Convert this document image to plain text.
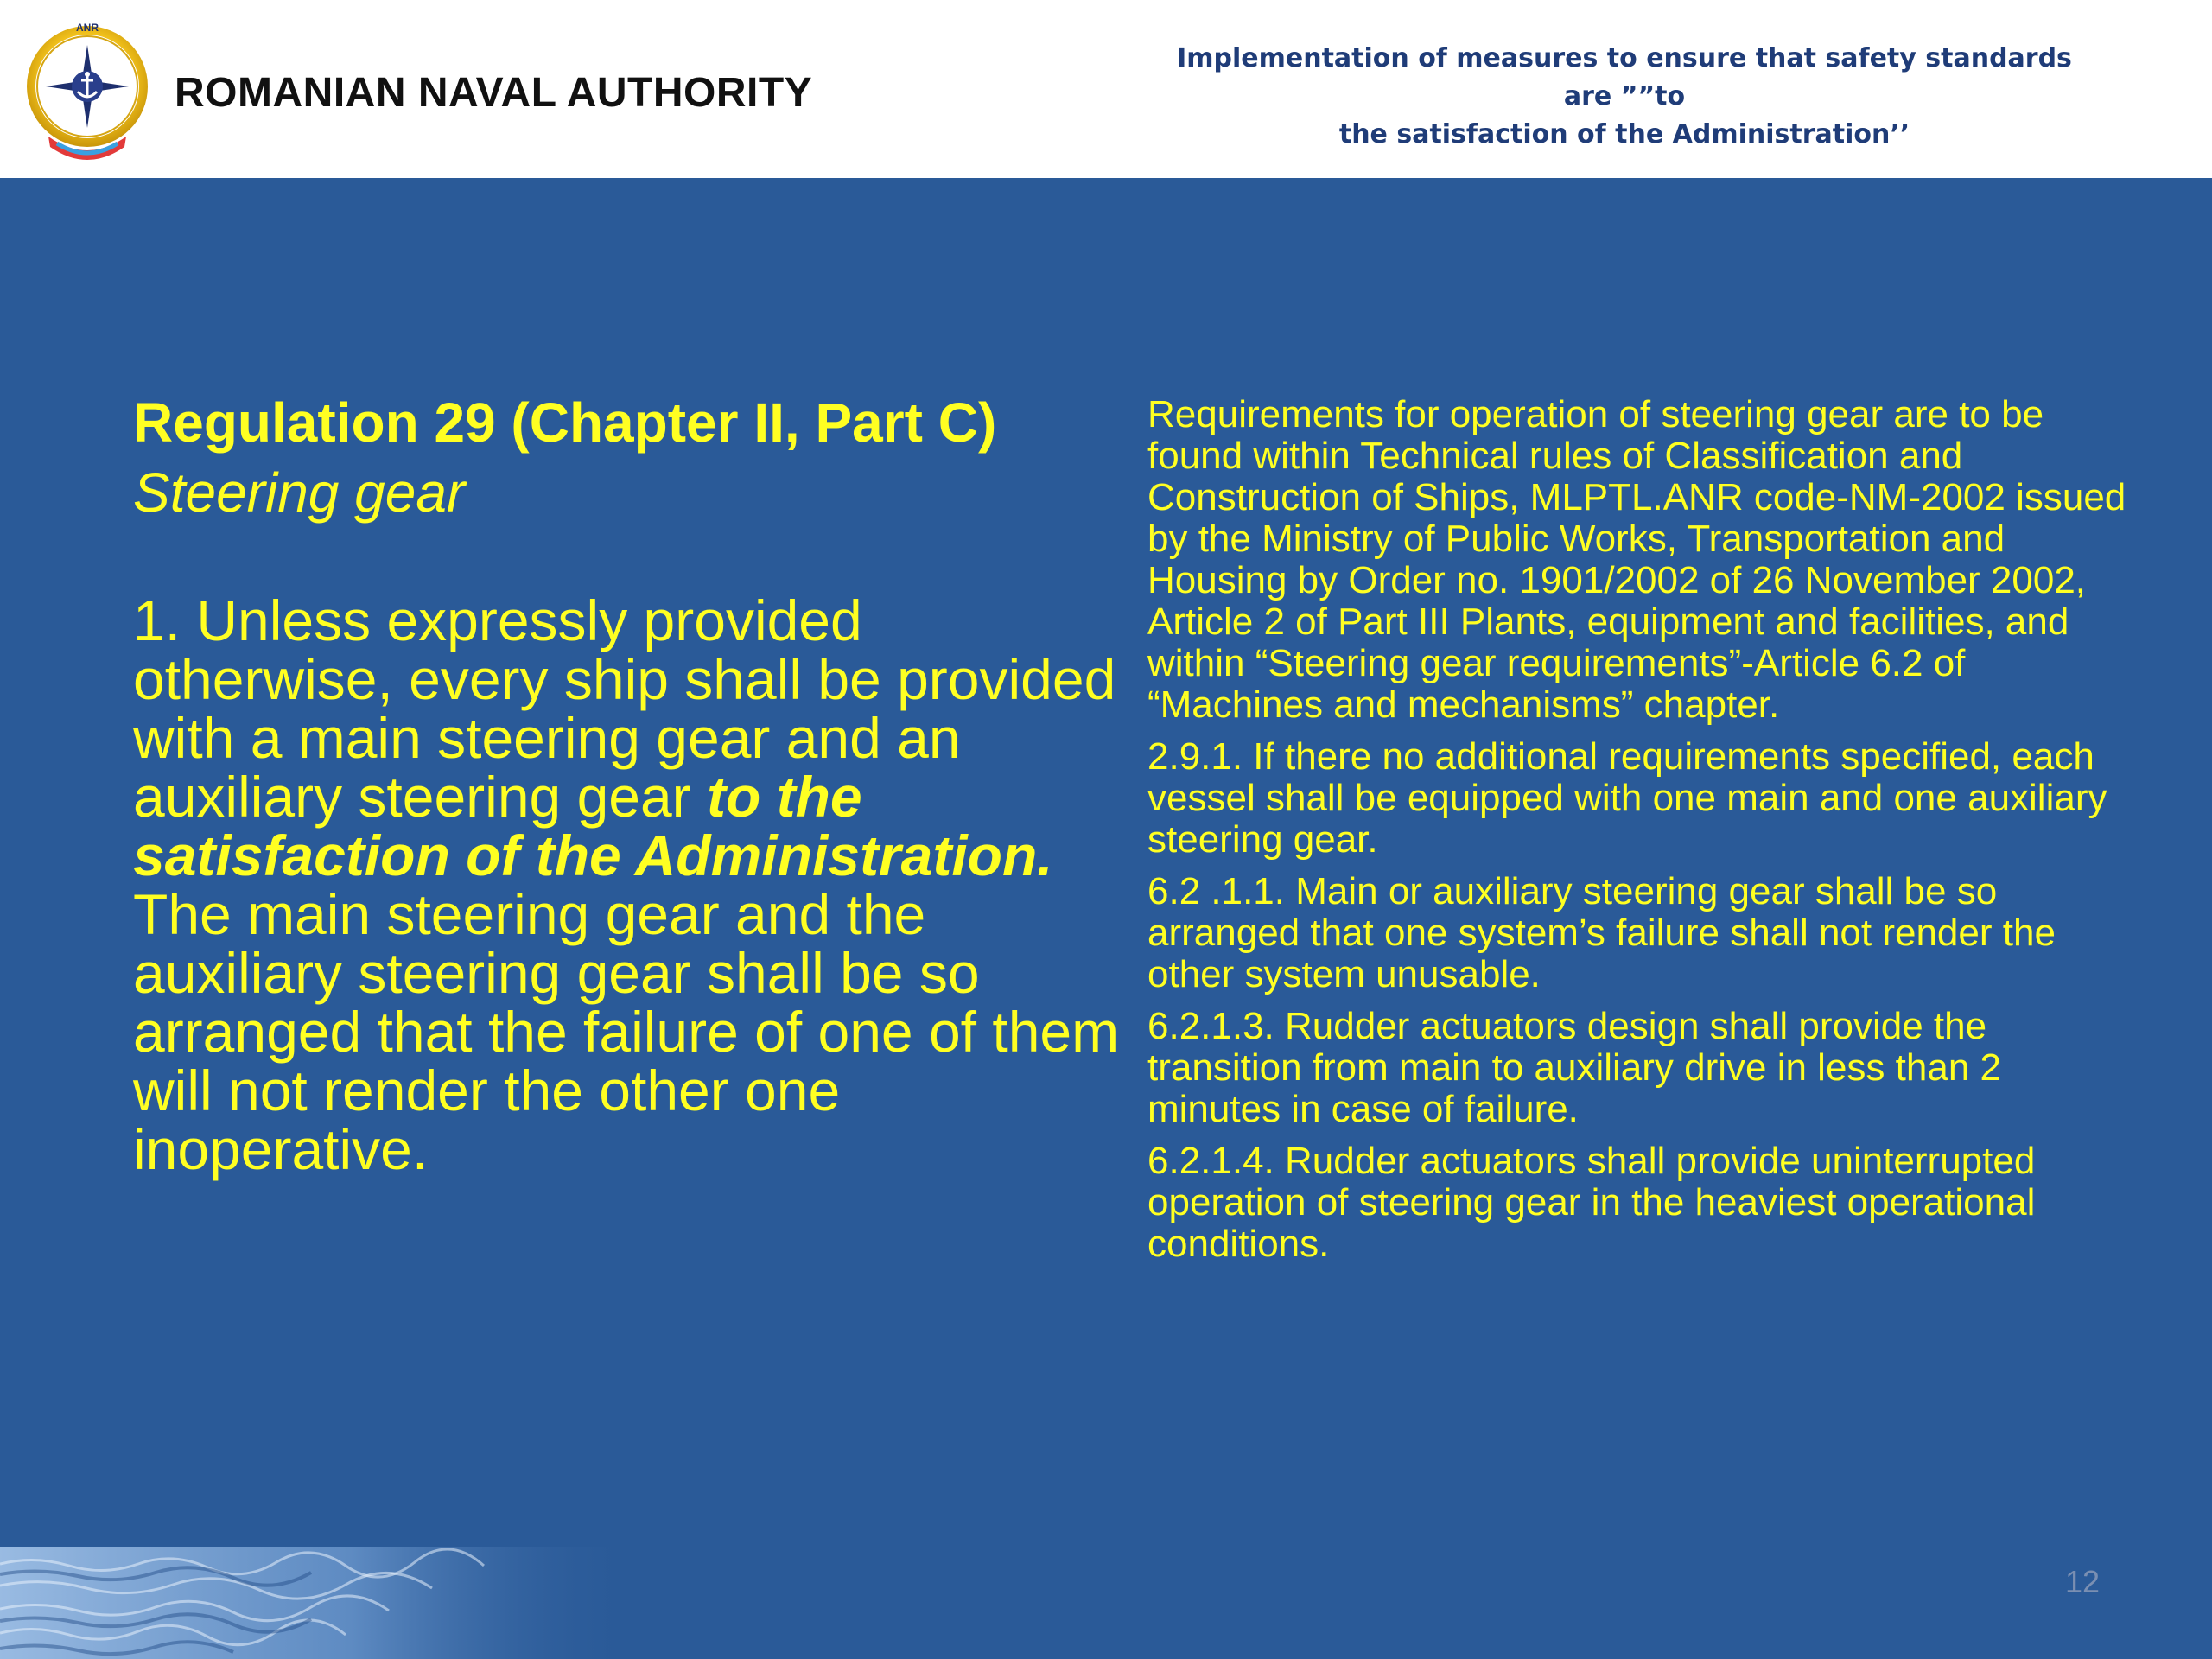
ANR
ROMANIAN NAVAL AUTHORITY
Implementation of measures to ensure that safety standards are ””to
the satisfaction of the Administration’’
Regulation 29 (Chapter II, Part C)
Steering gear
1. Unless expressly provided otherwise, every ship shall be provided with a main steering gear and an auxiliary steering gear to the satisfaction of the Administration. The main steering gear and the auxiliary steering gear shall be so arranged that the failure of one of them will not render the other one inoperative.

Requirements for operation of steering gear are to be found within Technical rules of Classification and Construction of Ships, MLPTL.ANR code-NM-2002 issued by the Ministry of Public Works, Transportation and Housing by Order no. 1901/2002 of 26 November 2002, Article 2 of Part III Plants, equipment and facilities, and within “Steering gear requirements”-Article 6.2 of “Machines and mechanisms” chapter.

2.9.1. If there no additional requirements specified, each vessel shall be equipped with one main and one auxiliary steering gear.

6.2 .1.1. Main or auxiliary steering gear shall be so arranged that one system’s failure shall not render the other system unusable.

6.2.1.3. Rudder actuators design shall provide the transition from main to auxiliary drive in less than 2 minutes in case of failure.

6.2.1.4. Rudder actuators shall provide uninterrupted operation of steering gear in the heaviest operational conditions.

12
